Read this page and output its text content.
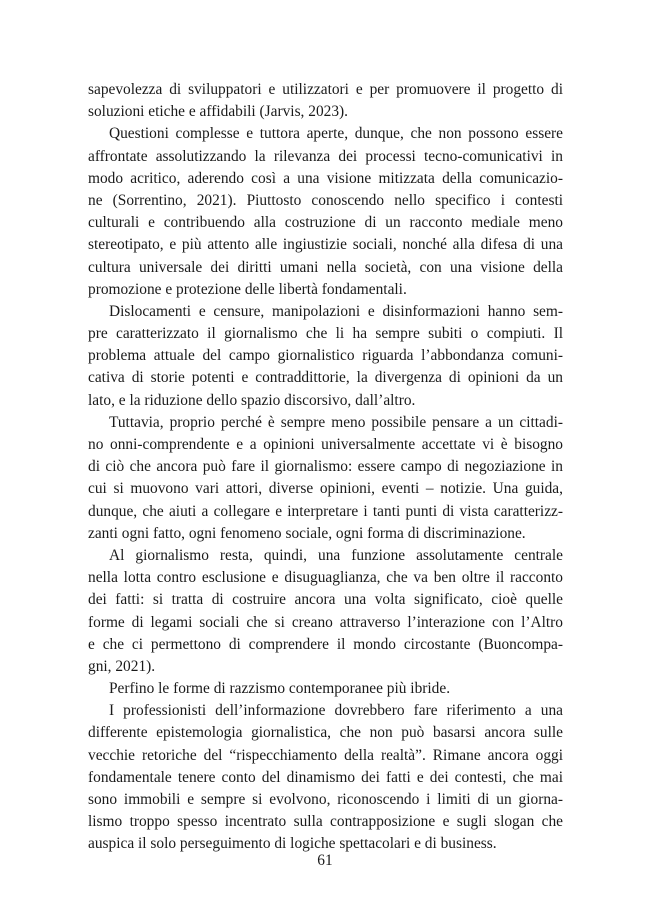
sapevolezza di sviluppatori e utilizzatori e per promuovere il progetto di
soluzioni etiche e affidabili (Jarvis, 2023).
Questioni complesse e tuttora aperte, dunque, che non possono essere
affrontate assolutizzando la rilevanza dei processi tecno-comunicativi in
modo acritico, aderendo così a una visione mitizzata della comunicazio-
ne (Sorrentino, 2021). Piuttosto conoscendo nello specifico i contesti
culturali e contribuendo alla costruzione di un racconto mediale meno
stereotipato, e più attento alle ingiustizie sociali, nonché alla difesa di una
cultura universale dei diritti umani nella società, con una visione della
promozione e protezione delle libertà fondamentali.
Dislocamenti e censure, manipolazioni e disinformazioni hanno sem-
pre caratterizzato il giornalismo che li ha sempre subiti o compiuti. Il
problema attuale del campo giornalistico riguarda l’abbondanza comuni-
cativa di storie potenti e contraddittorie, la divergenza di opinioni da un
lato, e la riduzione dello spazio discorsivo, dall’altro.
Tuttavia, proprio perché è sempre meno possibile pensare a un cittadi-
no onni-comprendente e a opinioni universalmente accettate vi è bisogno
di ciò che ancora può fare il giornalismo: essere campo di negoziazione in
cui si muovono vari attori, diverse opinioni, eventi – notizie. Una guida,
dunque, che aiuti a collegare e interpretare i tanti punti di vista caratterizz-
zanti ogni fatto, ogni fenomeno sociale, ogni forma di discriminazione.
Al giornalismo resta, quindi, una funzione assolutamente centrale
nella lotta contro esclusione e disuguaglianza, che va ben oltre il racconto
dei fatti: si tratta di costruire ancora una volta significato, cioè quelle
forme di legami sociali che si creano attraverso l’interazione con l’Altro
e che ci permettono di comprendere il mondo circostante (Buoncompa-
gni, 2021).
Perfino le forme di razzismo contemporanee più ibride.
I professionisti dell’informazione dovrebbero fare riferimento a una
differente epistemologia giornalistica, che non può basarsi ancora sulle
vecchie retoriche del “rispecchiamento della realtà”. Rimane ancora oggi
fondamentale tenere conto del dinamismo dei fatti e dei contesti, che mai
sono immobili e sempre si evolvono, riconoscendo i limiti di un giorna-
lismo troppo spesso incentrato sulla contrapposizione e sugli slogan che
auspica il solo perseguimento di logiche spettacolari e di business.
61
